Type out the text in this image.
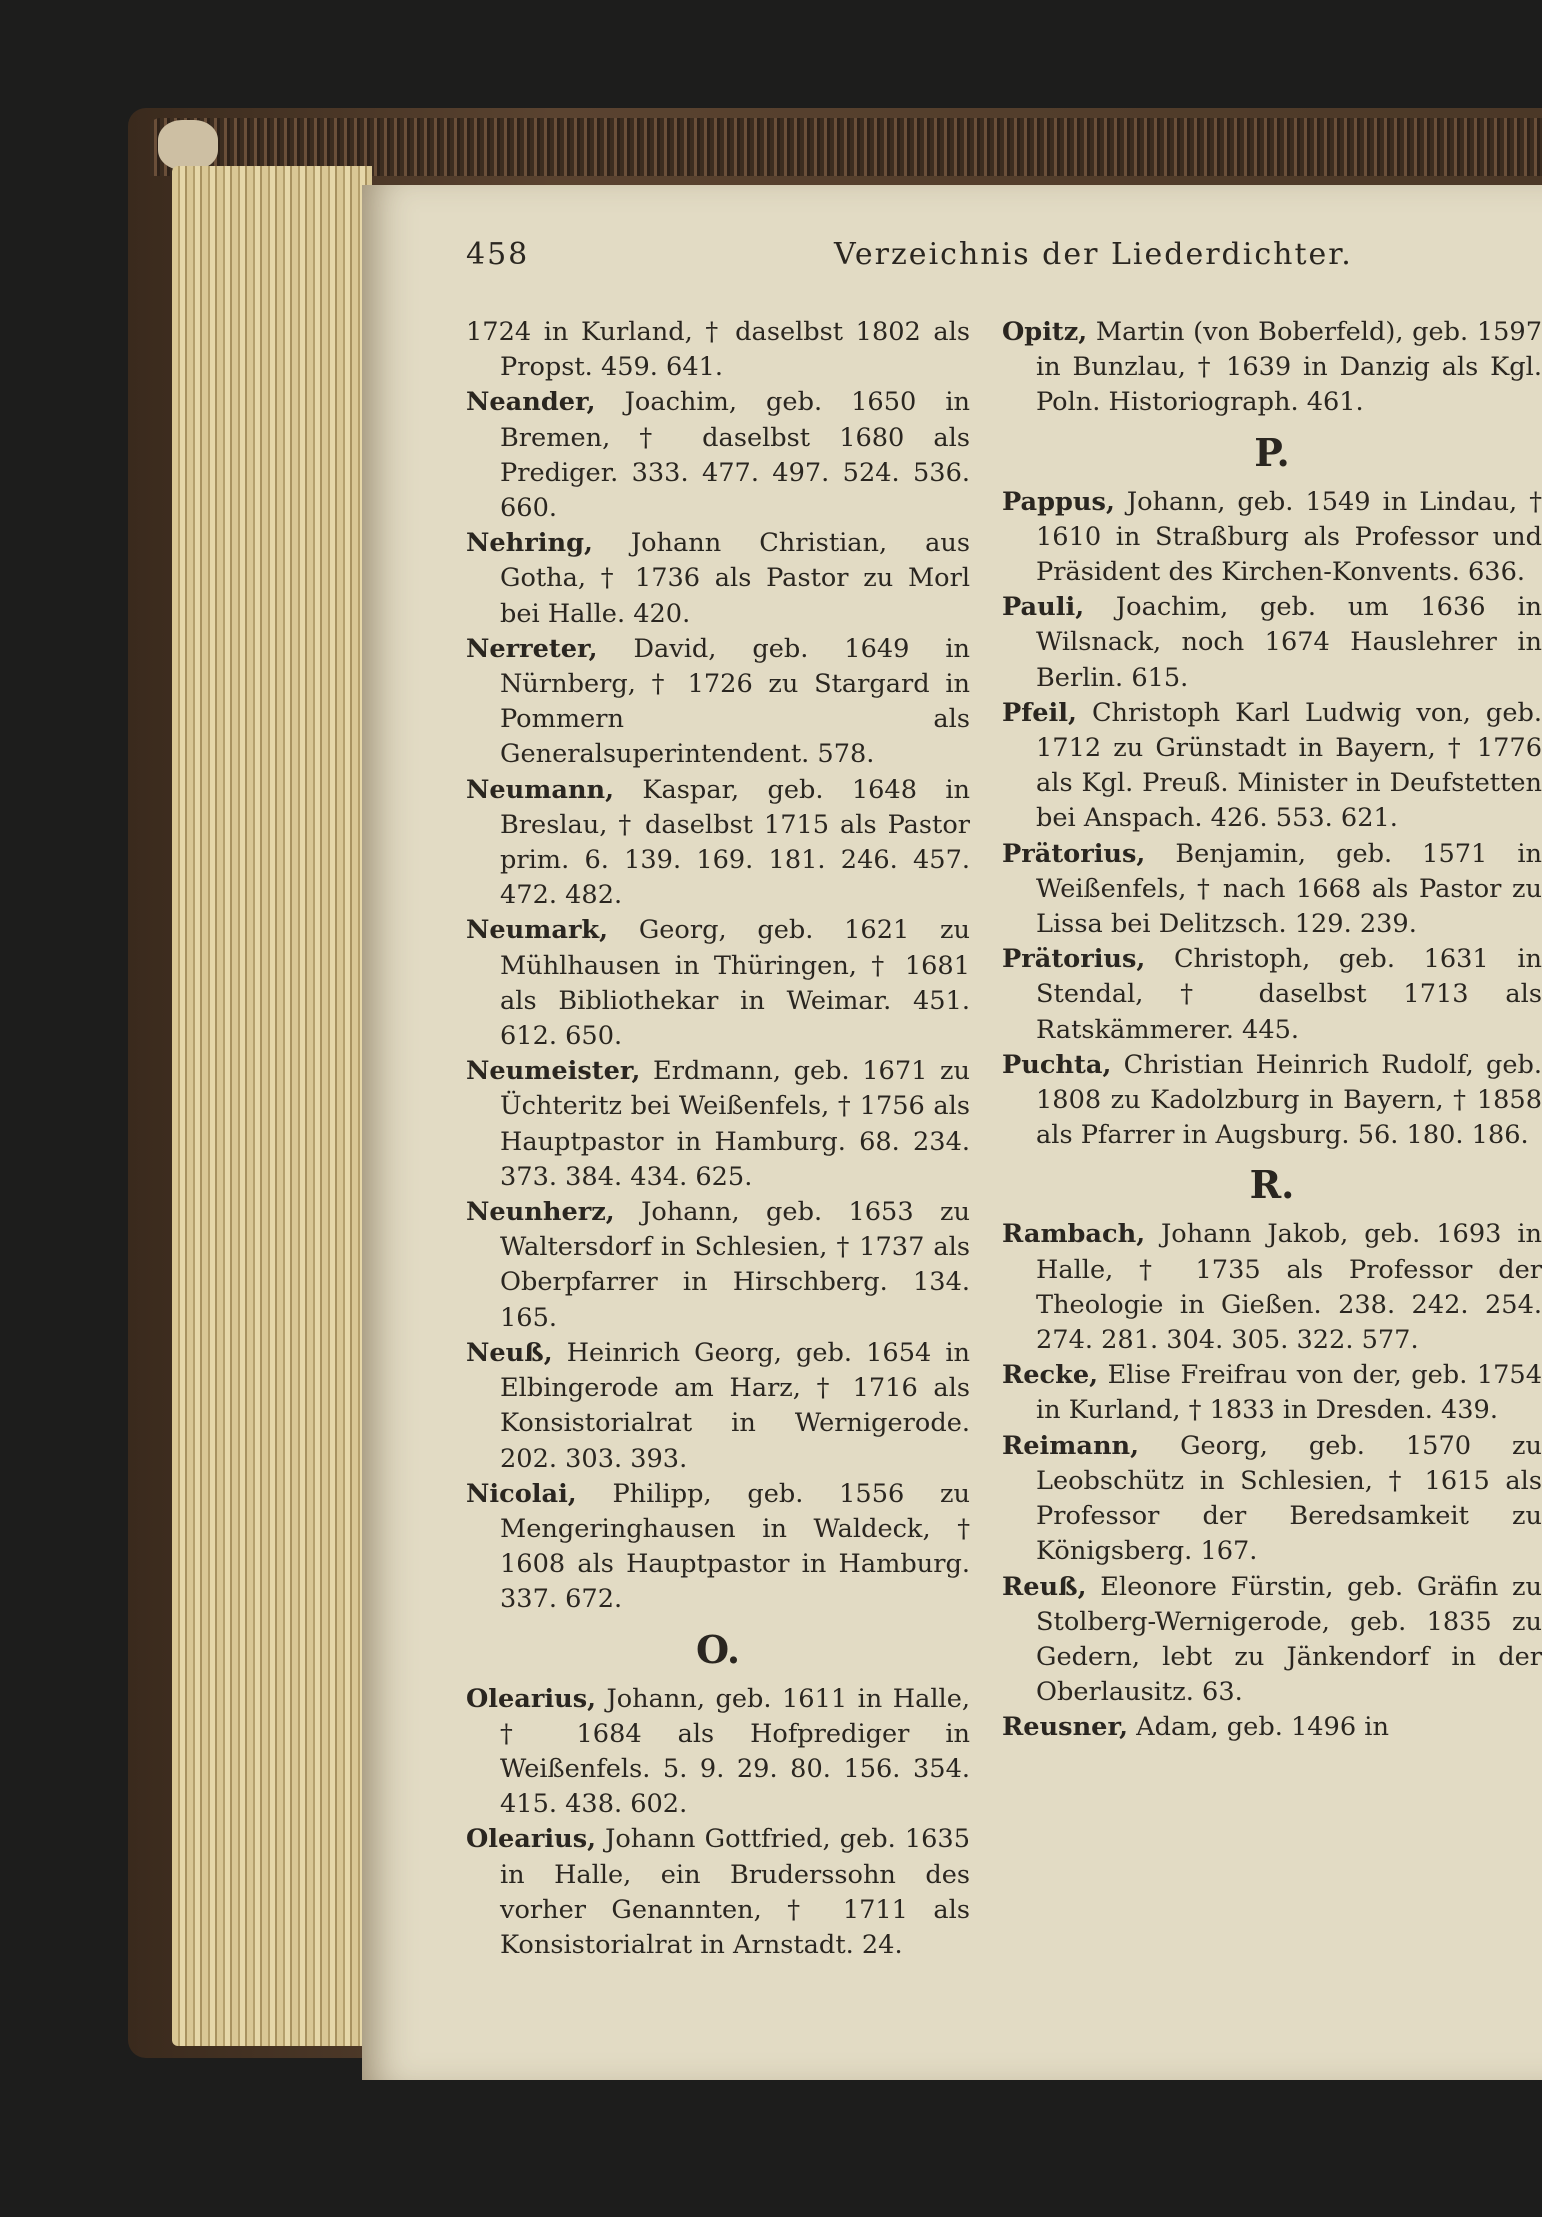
458	Verzeichnis der Liederdichter.
1724 in Kurland, † daselbst 1802 als Propst. 459. 641.
Neander, Joachim, geb. 1650 in Bremen, † daselbst 1680 als Prediger. 333. 477. 497. 524. 536. 660.
Nehring, Johann Christian, aus Gotha, † 1736 als Pastor zu Morl bei Halle. 420.
Nerreter, David, geb. 1649 in Nürnberg, † 1726 zu Stargard in Pommern als Generalsuperintendent. 578.
Neumann, Kaspar, geb. 1648 in Breslau, † daselbst 1715 als Pastor prim. 6. 139. 169. 181. 246. 457. 472. 482.
Neumark, Georg, geb. 1621 zu Mühlhausen in Thüringen, † 1681 als Bibliothekar in Weimar. 451. 612. 650.
Neumeister, Erdmann, geb. 1671 zu Üchteritz bei Weißenfels, † 1756 als Hauptpastor in Hamburg. 68. 234. 373. 384. 434. 625.
Neunherz, Johann, geb. 1653 zu Waltersdorf in Schlesien, † 1737 als Oberpfarrer in Hirschberg. 134. 165.
Neuß, Heinrich Georg, geb. 1654 in Elbingerode am Harz, † 1716 als Konsistorialrat in Wernigerode. 202. 303. 393.
Nicolai, Philipp, geb. 1556 zu Mengeringhausen in Waldeck, † 1608 als Hauptpastor in Hamburg. 337. 672.
O.
Olearius, Johann, geb. 1611 in Halle, † 1684 als Hofprediger in Weißenfels. 5. 9. 29. 80. 156. 354. 415. 438. 602.
Olearius, Johann Gottfried, geb. 1635 in Halle, ein Bruderssohn des vorher Genannten, † 1711 als Konsistorialrat in Arnstadt. 24.
Opitz, Martin (von Boberfeld), geb. 1597 in Bunzlau, † 1639 in Danzig als Kgl. Poln. Historiograph. 461.
P.
Pappus, Johann, geb. 1549 in Lindau, † 1610 in Straßburg als Professor und Präsident des Kirchen-Konvents. 636.
Pauli, Joachim, geb. um 1636 in Wilsnack, noch 1674 Hauslehrer in Berlin. 615.
Pfeil, Christoph Karl Ludwig von, geb. 1712 zu Grünstadt in Bayern, † 1776 als Kgl. Preuß. Minister in Deufstetten bei Anspach. 426. 553. 621.
Prätorius, Benjamin, geb. 1571 in Weißenfels, † nach 1668 als Pastor zu Lissa bei Delitzsch. 129. 239.
Prätorius, Christoph, geb. 1631 in Stendal, † daselbst 1713 als Ratskämmerer. 445.
Puchta, Christian Heinrich Rudolf, geb. 1808 zu Kadolzburg in Bayern, † 1858 als Pfarrer in Augsburg. 56. 180. 186.
R.
Rambach, Johann Jakob, geb. 1693 in Halle, † 1735 als Professor der Theologie in Gießen. 238. 242. 254. 274. 281. 304. 305. 322. 577.
Recke, Elise Freifrau von der, geb. 1754 in Kurland, † 1833 in Dresden. 439.
Reimann, Georg, geb. 1570 zu Leobschütz in Schlesien, † 1615 als Professor der Beredsamkeit zu Königsberg. 167.
Reuß, Eleonore Fürstin, geb. Gräfin zu Stolberg-Wernigerode, geb. 1835 zu Gedern, lebt zu Jänkendorf in der Oberlausitz. 63.
Reusner, Adam, geb. 1496 in
